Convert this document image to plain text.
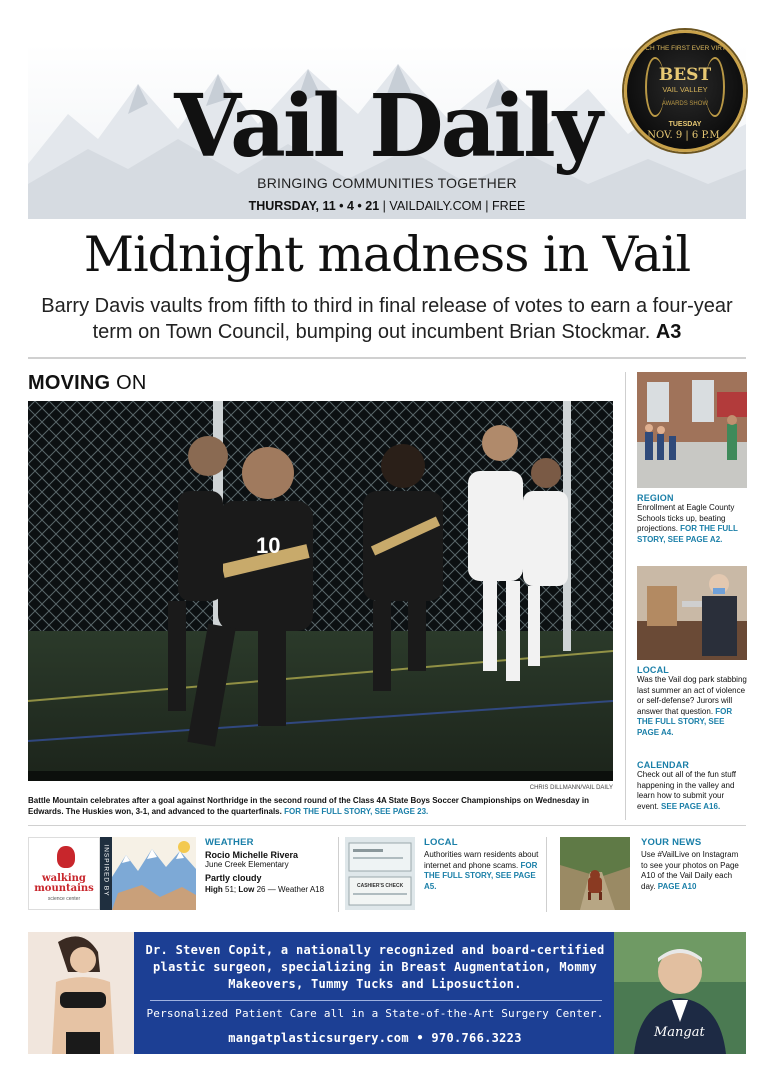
Vail Daily
BRINGING COMMUNITIES TOGETHER
THURSDAY, 11 • 4 • 21 | VAILDAILY.COM | FREE
WATCH THE FIRST EVER VIRTUAL
BEST
VAIL VALLEY
AWARDS SHOW
TUESDAY
NOV. 9 | 6 P.M.
Midnight madness in Vail

Barry Davis vaults from fifth to third in final release of votes to earn a four-year term on Town Council, bumping out incumbent Brian Stockmar. A3

MOVING ON
10
CHRIS DILLMANN/VAIL DAILY

Battle Mountain celebrates after a goal against Northridge in the second round of the Class 4A State Boys Soccer Championships on Wednesday in Edwards. The Huskies won, 3-1, and advanced to the quarterfinals. FOR THE FULL STORY, SEE PAGE 23.

REGION
Enrollment at Eagle County Schools ticks up, beating projections. FOR THE FULL STORY, SEE PAGE A2.
LOCAL
Was the Vail dog park stabbing last summer an act of violence or self-defense? Jurors will answer that question. FOR THE FULL STORY, SEE PAGE A4.
CALENDAR
Check out all of the fun stuff happening in the valley and learn how to submit your event. SEE PAGE A16.
walking mountains
science center
INSPIRED BY
WEATHER
Rocio Michelle Rivera
June Creek Elementary
Partly cloudy
High 51; Low 26 — Weather A18	CASHIER'S CHECK
LOCAL
Authorities warn residents about internet and phone scams. FOR THE FULL STORY, SEE PAGE A5.
YOUR NEWS
Use #VailLive on Instagram to see your photos on Page A10 of the Vail Daily each day. PAGE A10
Dr. Steven Copit, a nationally recognized and board-certified plastic surgeon, specializing in Breast Augmentation, Mommy Makeovers, Tummy Tucks and Liposuction.
Personalized Patient Care all in a State-of-the-Art Surgery Center.
mangatplasticsurgery.com • 970.766.3223	Mangat
